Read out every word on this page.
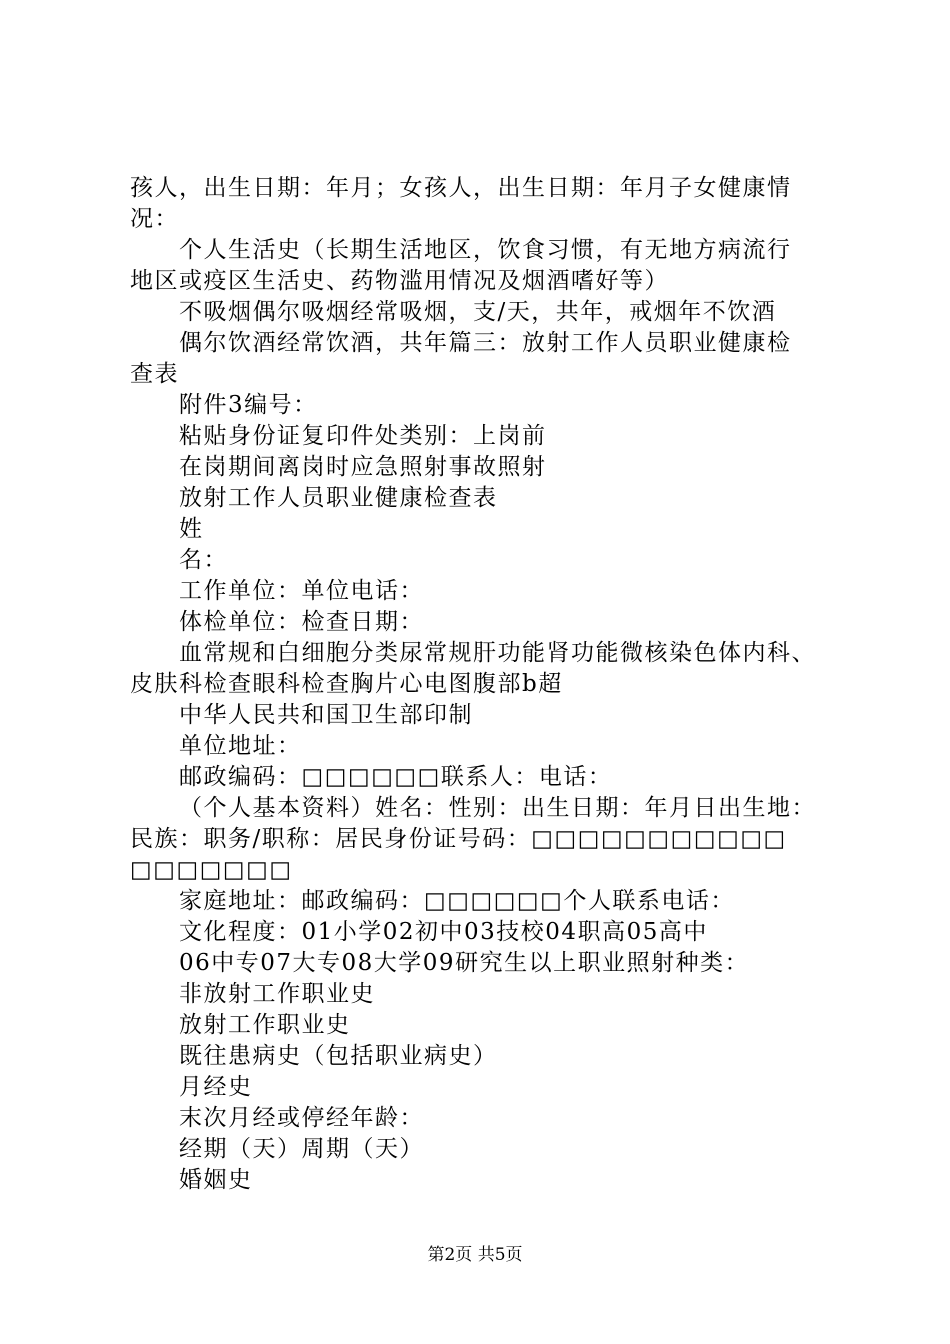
孩人，出生日期：年月；女孩人，出生日期：年月子女健康情
况：
个人生活史（长期生活地区，饮食习惯，有无地方病流行
地区或疫区生活史、药物滥用情况及烟酒嗜好等）
不吸烟偶尔吸烟经常吸烟，支/天，共年，戒烟年不饮酒
偶尔饮酒经常饮酒，共年篇三：放射工作人员职业健康检
查表
附件3编号：
粘贴身份证复印件处类别：上岗前
在岗期间离岗时应急照射事故照射
放射工作人员职业健康检查表
姓
名：
工作单位：单位电话：
体检单位：检查日期：
血常规和白细胞分类尿常规肝功能肾功能微核染色体内科、
皮肤科检查眼科检查胸片心电图腹部b超
中华人民共和国卫生部印制
单位地址：
邮政编码：□□□□□□联系人：电话：
（个人基本资料）姓名：性别：出生日期：年月日出生地：
民族：职务/职称：居民身份证号码：□□□□□□□□□□□
□□□□□□□
家庭地址：邮政编码：□□□□□□个人联系电话：
文化程度：01小学02初中03技校04职高05高中
06中专07大专08大学09研究生以上职业照射种类：
非放射工作职业史
放射工作职业史
既往患病史（包括职业病史）
月经史
末次月经或停经年龄：
经期（天）周期（天）
婚姻史
第2页 共5页
